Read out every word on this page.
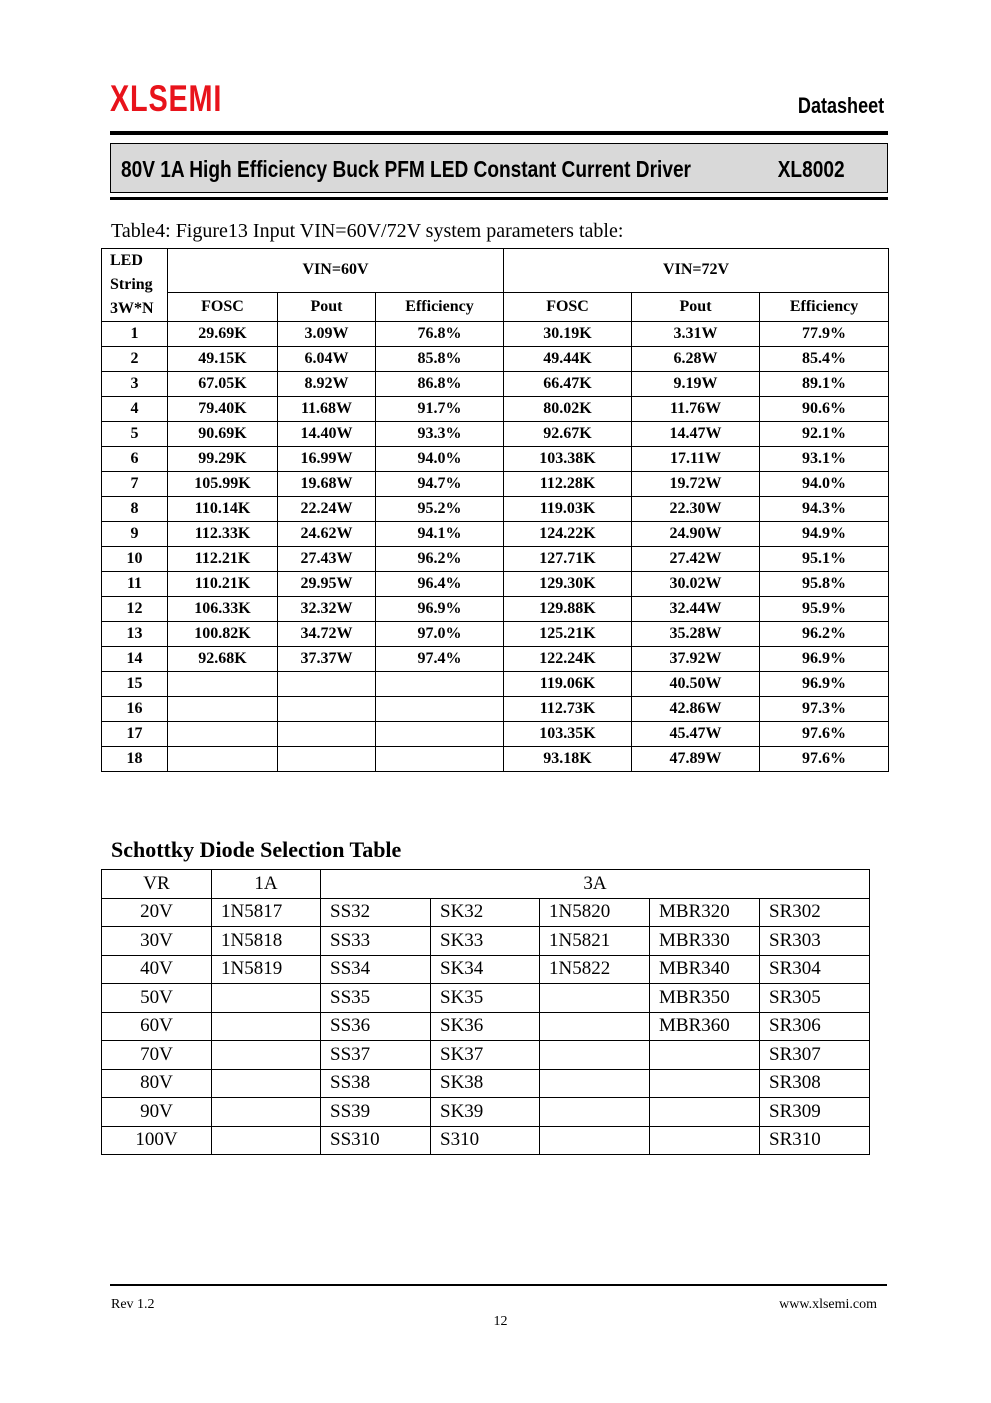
XLSEMI	Datasheet
80V 1A High Efficiency Buck PFM LED Constant Current Driver	XL8002
Table4: Figure13 Input VIN=60V/72V system parameters table:
LED
String
3W*N	VIN=60V			VIN=72V		
	FOSC	Pout	Efficiency	FOSC	Pout	Efficiency
1	29.69K	3.09W	76.8%	30.19K	3.31W	77.9%
2	49.15K	6.04W	85.8%	49.44K	6.28W	85.4%
3	67.05K	8.92W	86.8%	66.47K	9.19W	89.1%
4	79.40K	11.68W	91.7%	80.02K	11.76W	90.6%
5	90.69K	14.40W	93.3%	92.67K	14.47W	92.1%
6	99.29K	16.99W	94.0%	103.38K	17.11W	93.1%
7	105.99K	19.68W	94.7%	112.28K	19.72W	94.0%
8	110.14K	22.24W	95.2%	119.03K	22.30W	94.3%
9	112.33K	24.62W	94.1%	124.22K	24.90W	94.9%
10	112.21K	27.43W	96.2%	127.71K	27.42W	95.1%
11	110.21K	29.95W	96.4%	129.30K	30.02W	95.8%
12	106.33K	32.32W	96.9%	129.88K	32.44W	95.9%
13	100.82K	34.72W	97.0%	125.21K	35.28W	96.2%
14	92.68K	37.37W	97.4%	122.24K	37.92W	96.9%
15				119.06K	40.50W	96.9%
16				112.73K	42.86W	97.3%
17				103.35K	45.47W	97.6%
18				93.18K	47.89W	97.6%
Schottky Diode Selection Table
VR	1A	3A				
20V	1N5817	SS32	SK32	1N5820	MBR320	SR302
30V	1N5818	SS33	SK33	1N5821	MBR330	SR303
40V	1N5819	SS34	SK34	1N5822	MBR340	SR304
50V		SS35	SK35		MBR350	SR305
60V		SS36	SK36		MBR360	SR306
70V		SS37	SK37			SR307
80V		SS38	SK38			SR308
90V		SS39	SK39			SR309
100V		SS310	S310			SR310
Rev 1.2	www.xlsemi.com
12
